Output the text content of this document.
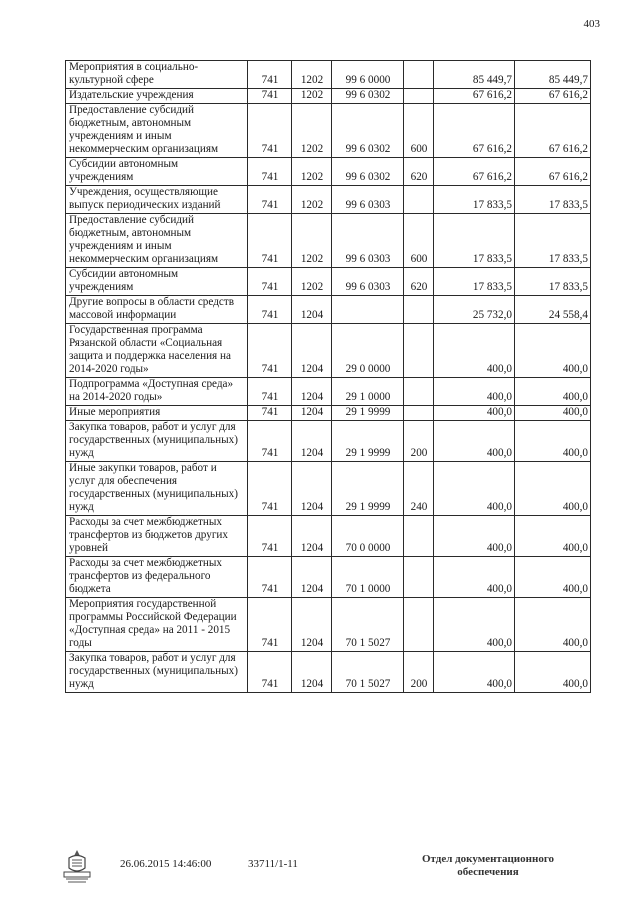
403
Мероприятия в социально-культурной сфере	741	1202	99 6 0000		85 449,7	85 449,7
Издательские учреждения	741	1202	99 6 0302		67 616,2	67 616,2
Предоставление субсидий бюджетным, автономным учреждениям и иным некоммерческим организациям	741	1202	99 6 0302	600	67 616,2	67 616,2
Субсидии автономным учреждениям	741	1202	99 6 0302	620	67 616,2	67 616,2
Учреждения, осуществляющие выпуск периодических изданий	741	1202	99 6 0303		17 833,5	17 833,5
Предоставление субсидий бюджетным, автономным учреждениям и иным некоммерческим организациям	741	1202	99 6 0303	600	17 833,5	17 833,5
Субсидии автономным учреждениям	741	1202	99 6 0303	620	17 833,5	17 833,5
Другие вопросы в области средств массовой информации	741	1204			25 732,0	24 558,4
Государственная программа Рязанской области «Социальная защита и поддержка населения на 2014-2020 годы»	741	1204	29 0 0000		400,0	400,0
Подпрограмма «Доступная среда» на 2014-2020 годы»	741	1204	29 1 0000		400,0	400,0
Иные мероприятия	741	1204	29 1 9999		400,0	400,0
Закупка товаров, работ и услуг для государственных (муниципальных) нужд	741	1204	29 1 9999	200	400,0	400,0
Иные закупки товаров, работ и услуг для обеспечения государственных (муниципальных) нужд	741	1204	29 1 9999	240	400,0	400,0
Расходы за счет межбюджетных трансфертов из бюджетов других уровней	741	1204	70 0 0000		400,0	400,0
Расходы за счет межбюджетных трансфертов из федерального бюджета	741	1204	70 1 0000		400,0	400,0
Мероприятия государственной программы Российской Федерации «Доступная среда» на 2011 - 2015 годы	741	1204	70 1 5027		400,0	400,0
Закупка товаров, работ и услуг для государственных (муниципальных) нужд	741	1204	70 1 5027	200	400,0	400,0
26.06.2015 14:46:00	33711/1-11	Отдел документационного
обеспечения
